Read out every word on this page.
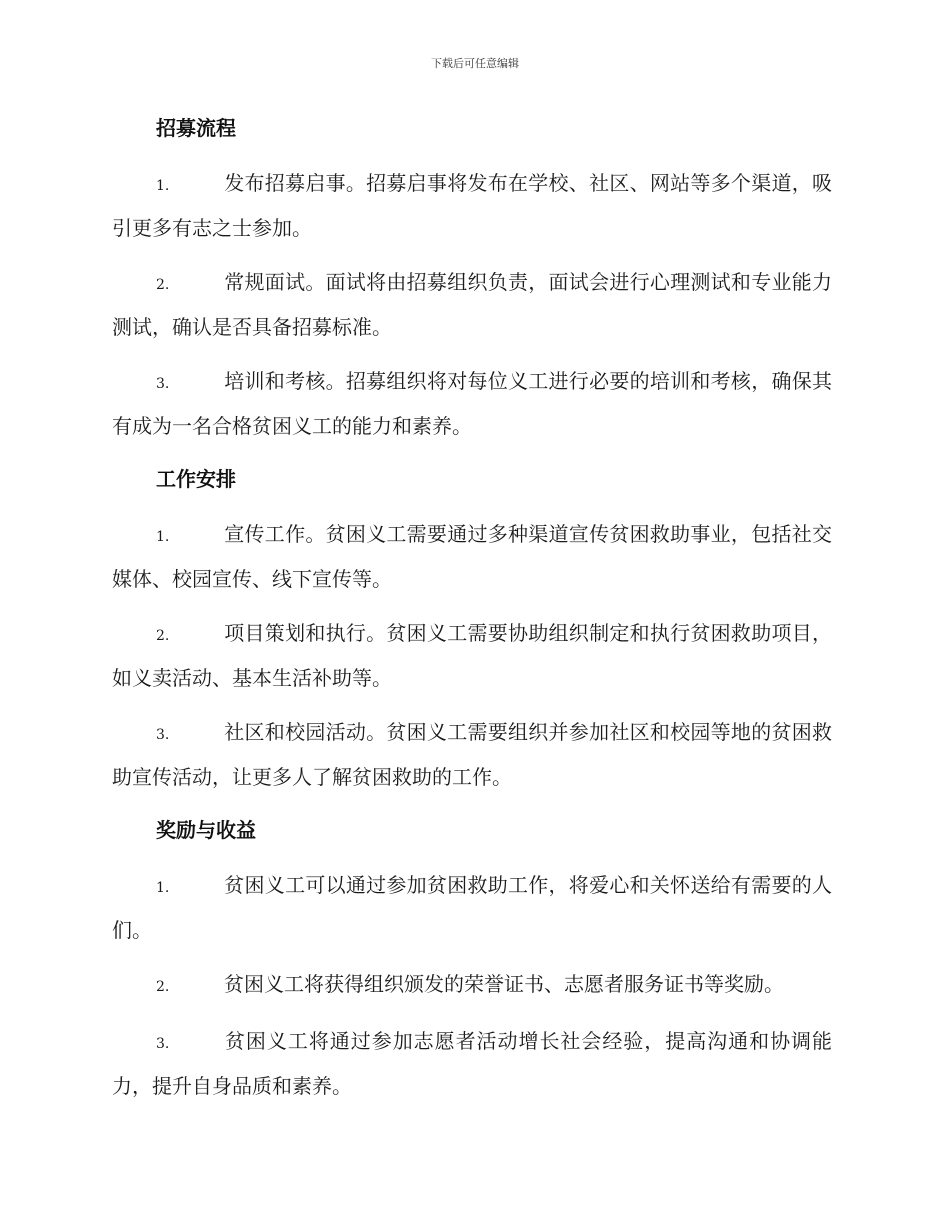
下载后可任意编辑
招募流程

1.	发布招募启事。招募启事将发布在学校、社区、网站等多个渠道，吸引更多有志之士参加。

2.	常规面试。面试将由招募组织负责，面试会进行心理测试和专业能力测试，确认是否具备招募标准。

3.	培训和考核。招募组织将对每位义工进行必要的培训和考核，确保其有成为一名合格贫困义工的能力和素养。

工作安排

1.	宣传工作。贫困义工需要通过多种渠道宣传贫困救助事业，包括社交媒体、校园宣传、线下宣传等。

2.	项目策划和执行。贫困义工需要协助组织制定和执行贫困救助项目，如义卖活动、基本生活补助等。

3.	社区和校园活动。贫困义工需要组织并参加社区和校园等地的贫困救助宣传活动，让更多人了解贫困救助的工作。

奖励与收益

1.	贫困义工可以通过参加贫困救助工作，将爱心和关怀送给有需要的人们。

2.	贫困义工将获得组织颁发的荣誉证书、志愿者服务证书等奖励。

3.	贫困义工将通过参加志愿者活动增长社会经验，提高沟通和协调能力，提升自身品质和素养。
